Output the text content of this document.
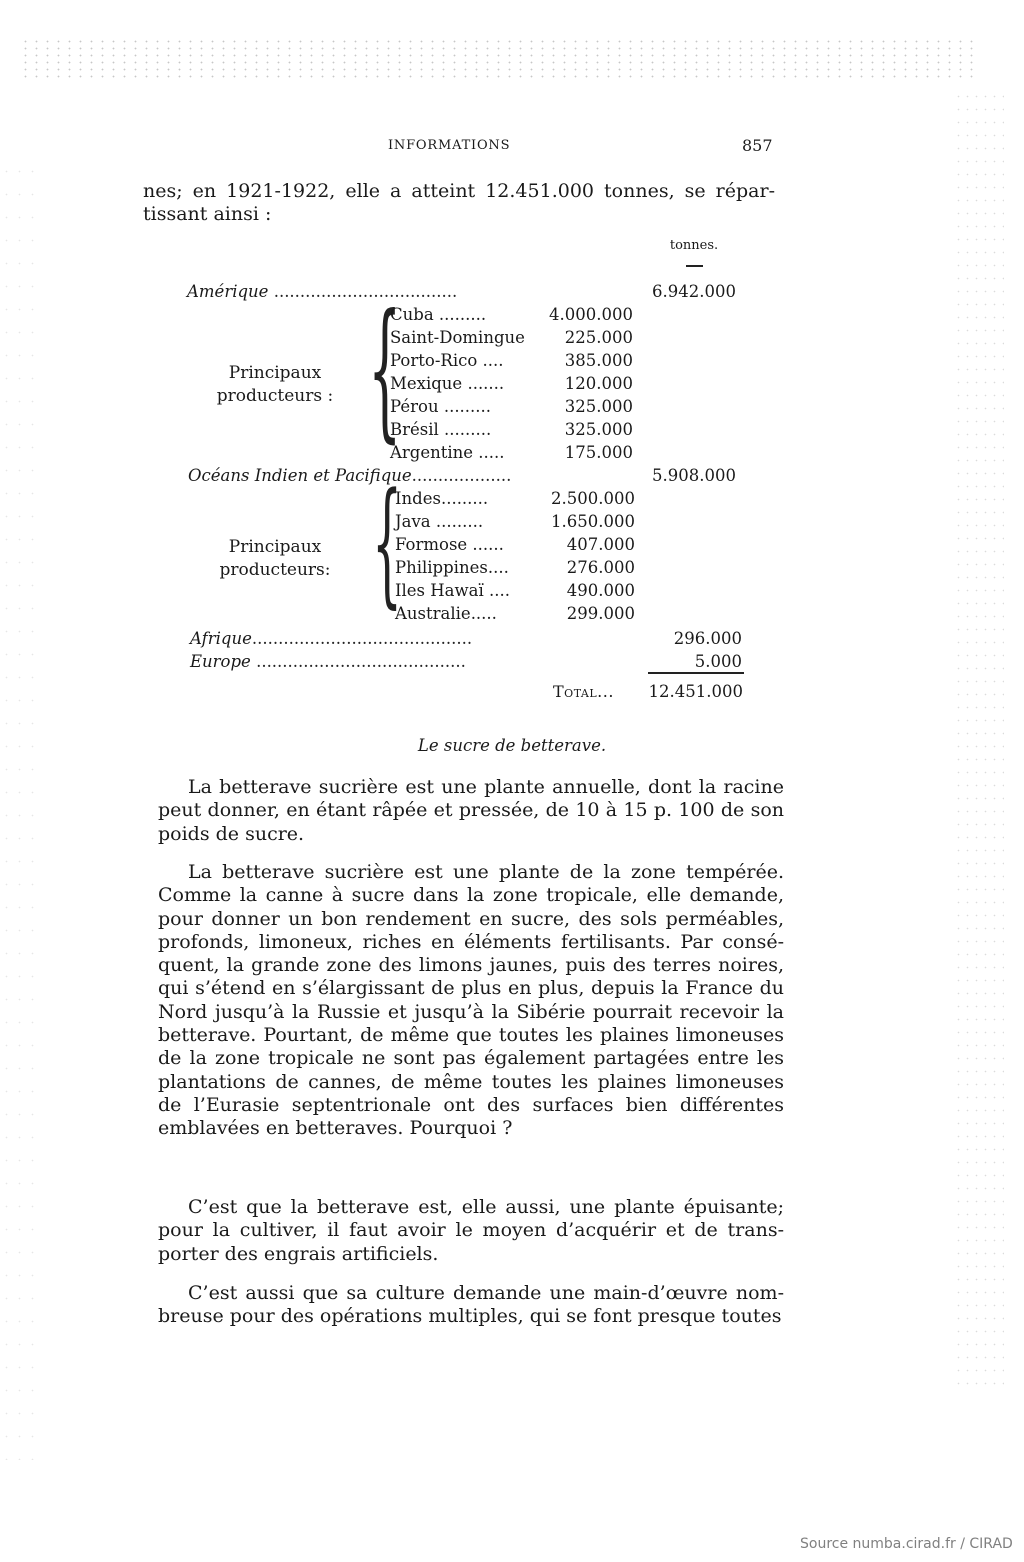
INFORMATIONS	857
nes; en 1921-1922, elle a atteint 12.451.000 tonnes, se répar-tissant ainsi :
tonnes.
Amérique ...................................	6.942.000
Principaux
producteurs : {
Cuba .........	4.000.000
Saint-Domingue	225.000
Porto-Rico ....	385.000
Mexique .......	120.000
Pérou .........	325.000
Brésil .........	325.000
Argentine .....	175.000
Océans Indien et Pacifique...................	5.908.000
Principaux
producteurs: {
Indes.........	2.500.000
Java .........	1.650.000
Formose ......	407.000
Philippines....	276.000
Iles Hawaï ....	490.000
Australie.....	299.000
Afrique..........................................	296.000
Europe ........................................	5.000
Total...	12.451.000
Le sucre de betterave.
La betterave sucrière est une plante annuelle, dont la racine peut donner, en étant râpée et pressée, de 10 à 15 p. 100 de son poids de sucre.
La betterave sucrière est une plante de la zone tempérée. Comme la canne à sucre dans la zone tropicale, elle demande, pour donner un bon rendement en sucre, des sols perméables, profonds, limoneux, riches en éléments fertilisants. Par consé-quent, la grande zone des limons jaunes, puis des terres noires, qui s’étend en s’élargissant de plus en plus, depuis la France du Nord jusqu’à la Russie et jusqu’à la Sibérie pourrait recevoir la betterave. Pourtant, de même que toutes les plaines limoneuses de la zone tropicale ne sont pas également partagées entre les plantations de cannes, de même toutes les plaines limoneuses de l’Eurasie septentrionale ont des surfaces bien différentes emblavées en betteraves. Pourquoi ?
C’est que la betterave est, elle aussi, une plante épuisante; pour la cultiver, il faut avoir le moyen d’acquérir et de trans-porter des engrais artificiels.
C’est aussi que sa culture demande une main-d’œuvre nom-breuse pour des opérations multiples, qui se font presque toutes
Source numba.cirad.fr / CIRAD
